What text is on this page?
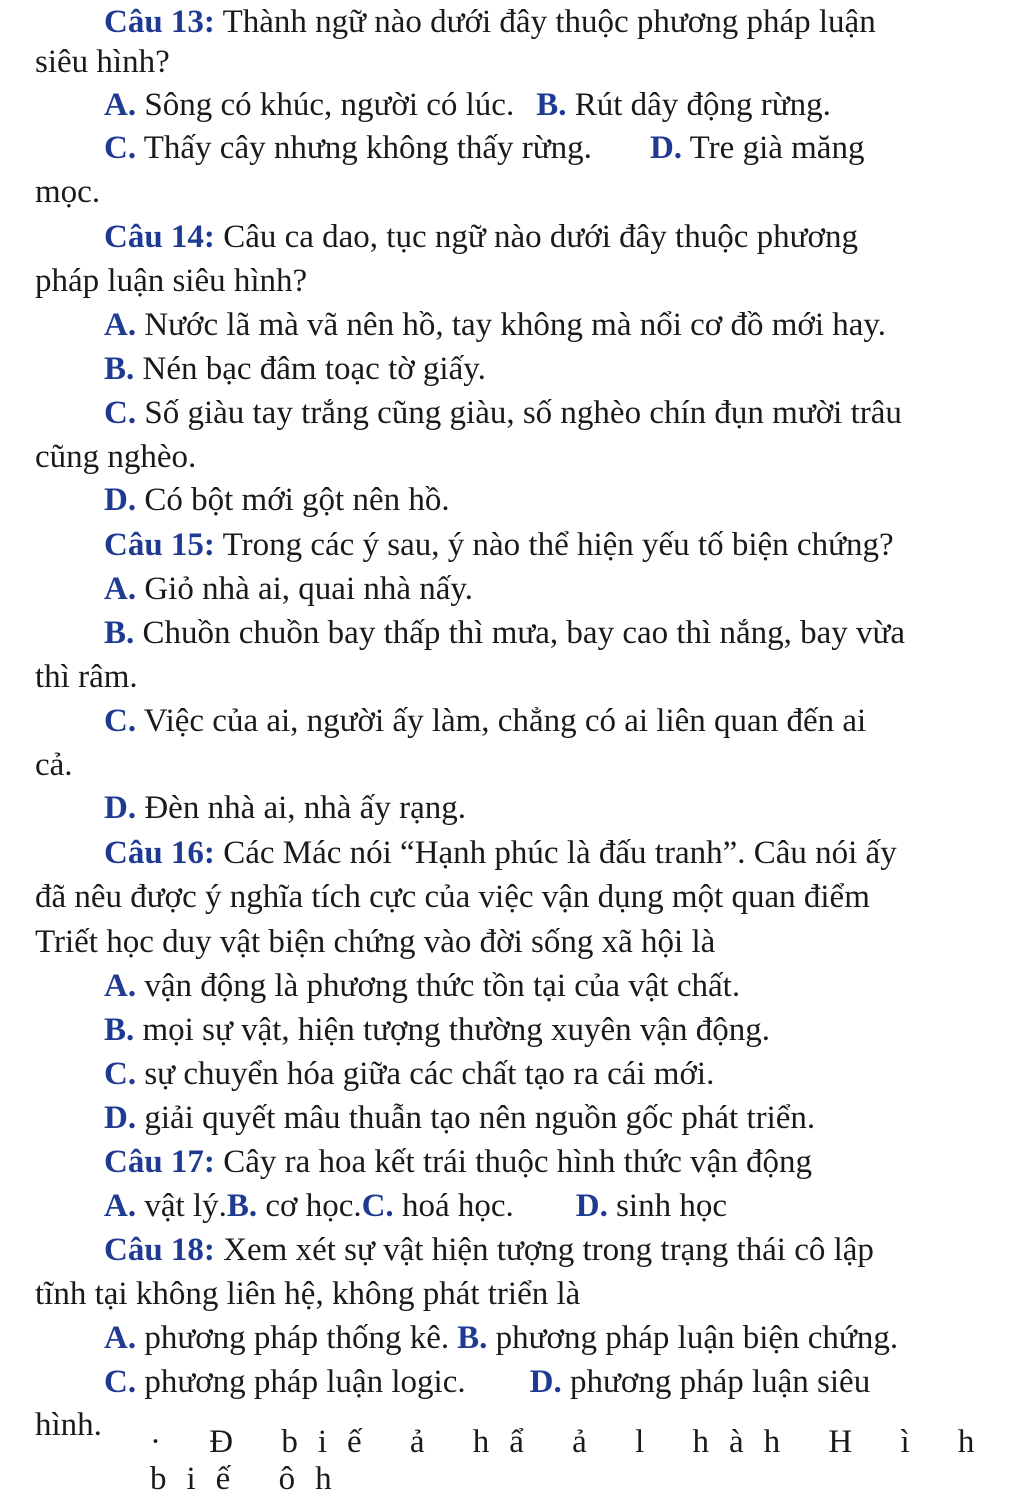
Câu 13: Thành ngữ nào dưới đây thuộc phương pháp luận
siêu hình?
A. Sông có khúc, người có lúc. B. Rút dây động rừng.
C. Thấy cây nhưng không thấy rừng. D. Tre già măng
mọc.
Câu 14: Câu ca dao, tục ngữ nào dưới đây thuộc phương
pháp luận siêu hình?
A. Nước lã mà vã nên hồ, tay không mà nổi cơ đồ mới hay.
B. Nén bạc đâm toạc tờ giấy.
C. Số giàu tay trắng cũng giàu, số nghèo chín đụn mười trâu
cũng nghèo.
D. Có bột mới gột nên hồ.
Câu 15: Trong các ý sau, ý nào thể hiện yếu tố biện chứng?
A. Giỏ nhà ai, quai nhà nấy.
B. Chuồn chuồn bay thấp thì mưa, bay cao thì nắng, bay vừa
thì râm.
C. Việc của ai, người ấy làm, chẳng có ai liên quan đến ai
cả.
D. Đèn nhà ai, nhà ấy rạng.
Câu 16: Các Mác nói “Hạnh phúc là đấu tranh”. Câu nói ấy
đã nêu được ý nghĩa tích cực của việc vận dụng một quan điểm
Triết học duy vật biện chứng vào đời sống xã hội là
A. vận động là phương thức tồn tại của vật chất.
B. mọi sự vật, hiện tượng thường xuyên vận động.
C. sự chuyển hóa giữa các chất tạo ra cái mới.
D. giải quyết mâu thuẫn tạo nên nguồn gốc phát triển.
Câu 17: Cây ra hoa kết trái thuộc hình thức vận động
A. vật lý.B. cơ học.C. hoá học. D. sinh học
Câu 18: Xem xét sự vật hiện tượng trong trạng thái cô lập
tĩnh tại không liên hệ, không phát triển là
A. phương pháp thống kê. B. phương pháp luận biện chứng.
C. phương pháp luận logic. D. phương pháp luận siêu
hình. · Đ biế ả hẩ ả l hàh H ì h biế ôh
